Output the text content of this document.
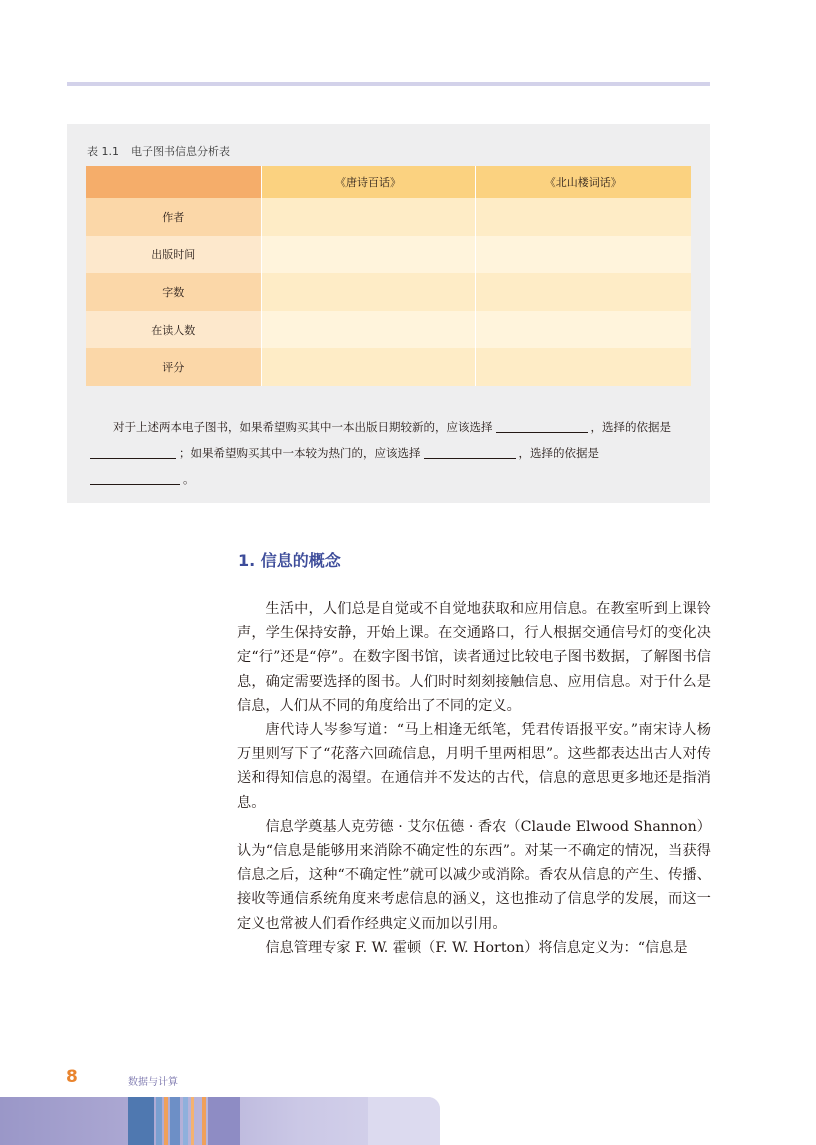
表 1.1 电子图书信息分析表
	《唐诗百话》	《北山楼词话》
作者		
出版时间		
字数		
在读人数		
评分		
对于上述两本电子图书，如果希望购买其中一本出版日期较新的，应该选择	，选择的依据是；如果希望购买其中一本较为热门的，应该选择	，选择的依据是。
1. 信息的概念

生活中，人们总是自觉或不自觉地获取和应用信息。在教室听到上课铃声，学生保持安静，开始上课。在交通路口，行人根据交通信号灯的变化决定“行”还是“停”。在数字图书馆，读者通过比较电子图书数据，了解图书信息，确定需要选择的图书。人们时时刻刻接触信息、应用信息。对于什么是信息，人们从不同的角度给出了不同的定义。

唐代诗人岑参写道：“马上相逢无纸笔，凭君传语报平安。”南宋诗人杨万里则写下了“花落六回疏信息，月明千里两相思”。这些都表达出古人对传送和得知信息的渴望。在通信并不发达的古代，信息的意思更多地还是指消息。

信息学奠基人克劳德 · 艾尔伍德 · 香农（Claude Elwood Shannon）认为“信息是能够用来消除不确定性的东西”。对某一不确定的情况，当获得信息之后，这种“不确定性”就可以减少或消除。香农从信息的产生、传播、接收等通信系统角度来考虑信息的涵义，这也推动了信息学的发展，而这一定义也常被人们看作经典定义而加以引用。

信息管理专家 F. W. 霍顿（F. W. Horton）将信息定义为：“信息是

8	数据与计算
